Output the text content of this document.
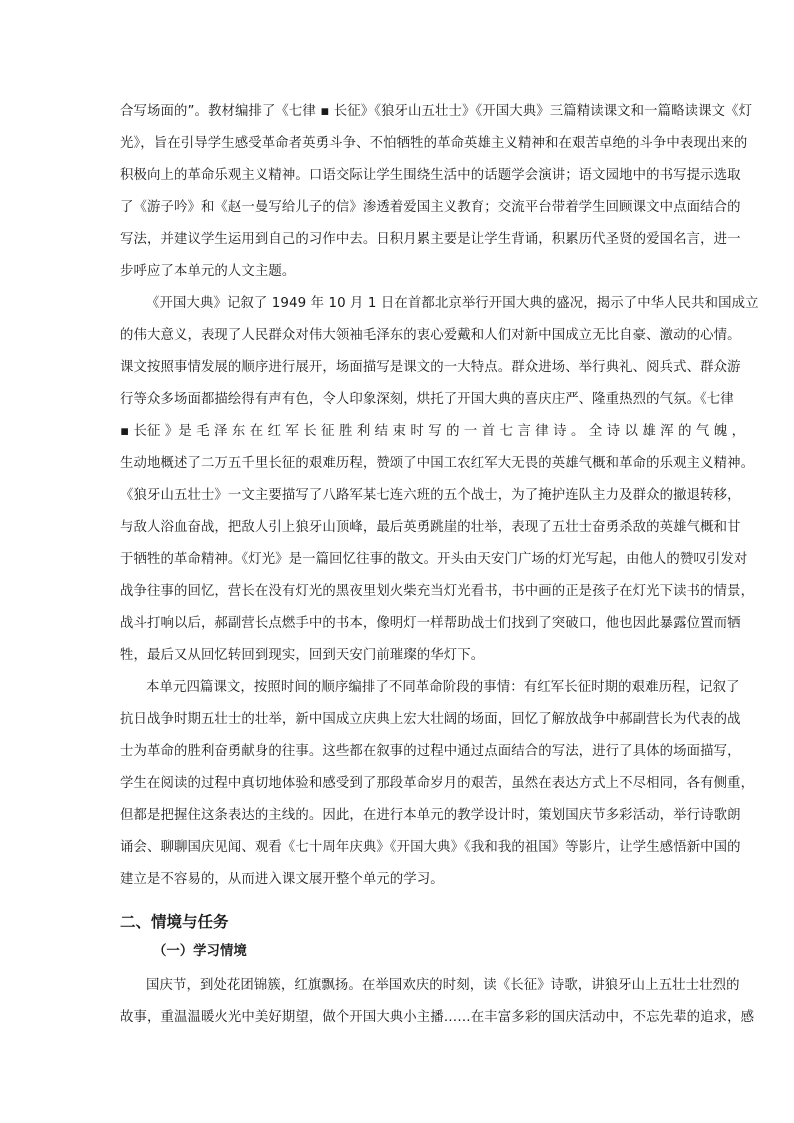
合写场面的”。教材编排了《七律 ▪ 长征》《狼牙山五壮士》《开国大典》三篇精读课文和一篇略读课文《灯
光》，旨在引导学生感受革命者英勇斗争、不怕牺牲的革命英雄主义精神和在艰苦卓绝的斗争中表现出来的
积极向上的革命乐观主义精神。口语交际让学生围绕生活中的话题学会演讲；语文园地中的书写提示选取
了《游子吟》和《赵一曼写给儿子的信》渗透着爱国主义教育；交流平台带着学生回顾课文中点面结合的
写法，并建议学生运用到自己的习作中去。日积月累主要是让学生背诵，积累历代圣贤的爱国名言，进一
步呼应了本单元的人文主题。
《开国大典》记叙了 1949 年 10 月 1 日在首都北京举行开国大典的盛况，揭示了中华人民共和国成立
的伟大意义，表现了人民群众对伟大领袖毛泽东的衷心爱戴和人们对新中国成立无比自豪、激动的心情。
课文按照事情发展的顺序进行展开，场面描写是课文的一大特点。群众进场、举行典礼、阅兵式、群众游
行等众多场面都描绘得有声有色，令人印象深刻，烘托了开国大典的喜庆庄严、隆重热烈的气氛。《七律
▪ 长征 》是 毛 泽 东 在 红 军 长 征 胜 利 结 束 时 写 的 一 首 七 言 律 诗 。 全 诗 以 雄 浑 的 气 魄 ，
生动地概述了二万五千里长征的艰难历程，赞颂了中国工农红军大无畏的英雄气概和革命的乐观主义精神。
《狼牙山五壮士》一文主要描写了八路军某七连六班的五个战士，为了掩护连队主力及群众的撤退转移，
与敌人浴血奋战，把敌人引上狼牙山顶峰，最后英勇跳崖的壮举，表现了五壮士奋勇杀敌的英雄气概和甘
于牺牲的革命精神。《灯光》是一篇回忆往事的散文。开头由天安门广场的灯光写起，由他人的赞叹引发对
战争往事的回忆，营长在没有灯光的黑夜里划火柴充当灯光看书，书中画的正是孩子在灯光下读书的情景，
战斗打响以后，郝副营长点燃手中的书本，像明灯一样帮助战士们找到了突破口，他也因此暴露位置而牺
牲，最后又从回忆转回到现实，回到天安门前璀璨的华灯下。
本单元四篇课文，按照时间的顺序编排了不同革命阶段的事情：有红军长征时期的艰难历程，记叙了
抗日战争时期五壮士的壮举，新中国成立庆典上宏大壮阔的场面，回忆了解放战争中郝副营长为代表的战
士为革命的胜利奋勇献身的往事。这些都在叙事的过程中通过点面结合的写法，进行了具体的场面描写，
学生在阅读的过程中真切地体验和感受到了那段革命岁月的艰苦，虽然在表达方式上不尽相同，各有侧重，
但都是把握住这条表达的主线的。因此，在进行本单元的教学设计时，策划国庆节多彩活动，举行诗歌朗
诵会、聊聊国庆见闻、观看《七十周年庆典》《开国大典》《我和我的祖国》等影片，让学生感悟新中国的
建立是不容易的，从而进入课文展开整个单元的学习。
二、情境与任务
（一）学习情境
国庆节，到处花团锦簇，红旗飘扬。在举国欢庆的时刻，读《长征》诗歌，讲狼牙山上五壮士壮烈的
故事，重温温暖火光中美好期望，做个开国大典小主播……在丰富多彩的国庆活动中，不忘先辈的追求，感
